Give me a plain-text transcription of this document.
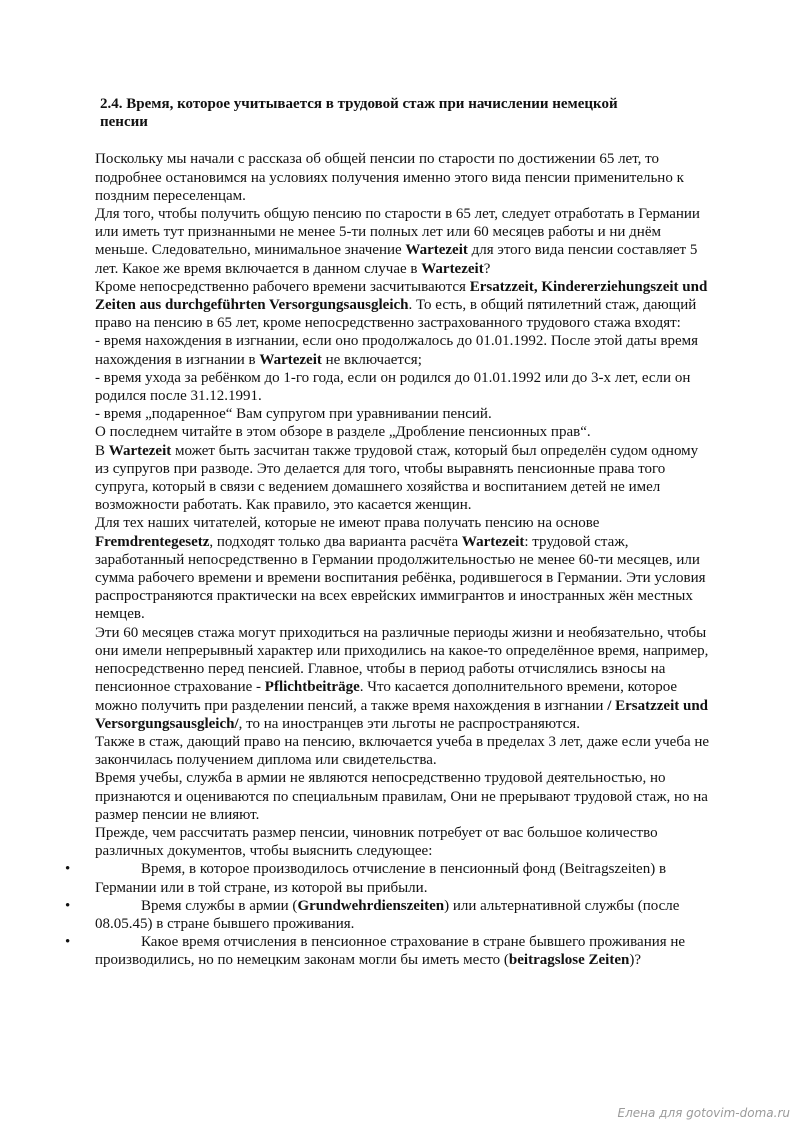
2.4. Время, которое учитывается в трудовой стаж при начислении немецкой
пенсии

Поскольку мы начали с рассказа об общей пенсии по старости по достижении 65 лет, то подробнее остановимся на условиях получения именно этого вида пенсии применительно к поздним переселенцам.

Для того, чтобы получить общую пенсию по старости в 65 лет, следует отработать в Германии или иметь тут признанными не менее 5-ти полных лет или 60 месяцев работы и ни днём меньше. Следовательно, минимальное значение Wartezeit для этого вида пенсии составляет 5 лет. Какое же время включается в данном случае в Wartezeit?

Кроме непосредственно рабочего времени засчитываются Ersatzzeit, Kindererziehungszeit und Zeiten aus durchgeführten Versorgungsausgleich. То есть, в общий пятилетний стаж, дающий право на пенсию в 65 лет, кроме непосредственно застрахованного трудового стажа входят:

- время нахождения в изгнании, если оно продолжалось до 01.01.1992. После этой даты время нахождения в изгнании в Wartezeit не включается;

- время ухода за ребёнком до 1-го года, если он родился до 01.01.1992 или до 3-х лет, если он родился после 31.12.1991.

- время „подаренное“ Вам супругом при уравнивании пенсий.

О последнем читайте в этом обзоре в разделе „Дробление пенсионных прав“.

В Wartezeit может быть засчитан также трудовой стаж, который был определён судом одному из супругов при разводе. Это делается для того, чтобы выравнять пенсионные права того супруга, который в связи с ведением домашнего хозяйства и воспитанием детей не имел возможности работать. Как правило, это касается женщин.

Для тех наших читателей, которые не имеют права получать пенсию на основе Fremdrentegesetz, подходят только два варианта расчёта Wartezeit: трудовой стаж, заработанный непосредственно в Германии продолжительностью не менее 60-ти месяцев, или сумма рабочего времени и времени воспитания ребёнка, родившегося в Германии. Эти условия распространяются практически на всех еврейских иммигрантов и иностранных жён местных немцев.

Эти 60 месяцев стажа могут приходиться на различные периоды жизни и необязательно, чтобы они имели непрерывный характер или приходились на какое-то определённое время, например, непосредственно перед пенсией. Главное, чтобы в период работы отчислялись взносы на пенсионное страхование - Pflichtbeiträge. Что касается дополнительного времени, которое можно получить при разделении пенсий, а также время нахождения в изгнании / Ersatzzeit und Versorgungsausgleich/, то на иностранцев эти льготы не распространяются.

Также в стаж, дающий право на пенсию, включается учеба в пределах 3 лет, даже если учеба не закончилась получением диплома или свидетельства.

Время учебы, служба в армии не являются непосредственно трудовой деятельностью, но признаются и оцениваются по специальным правилам, Они не прерывают трудовой стаж, но на размер пенсии не влияют.

Прежде, чем рассчитать размер пенсии, чиновник потребует от вас большое количество различных документов, чтобы выяснить следующее:

•	Время, в которое производилось отчисление в пенсионный фонд (Beitragszeiten) в Германии или в той стране, из которой вы прибыли.

•	Время службы в армии (Grundwehrdienszeiten) или альтернативной службы (после 08.05.45) в стране бывшего проживания.

•	Какое время отчисления в пенсионное страхование в стране бывшего проживания не производились, но по немецким законам могли бы иметь место (beitragslose Zeiten)?

Елена для gotovim-doma.ru
